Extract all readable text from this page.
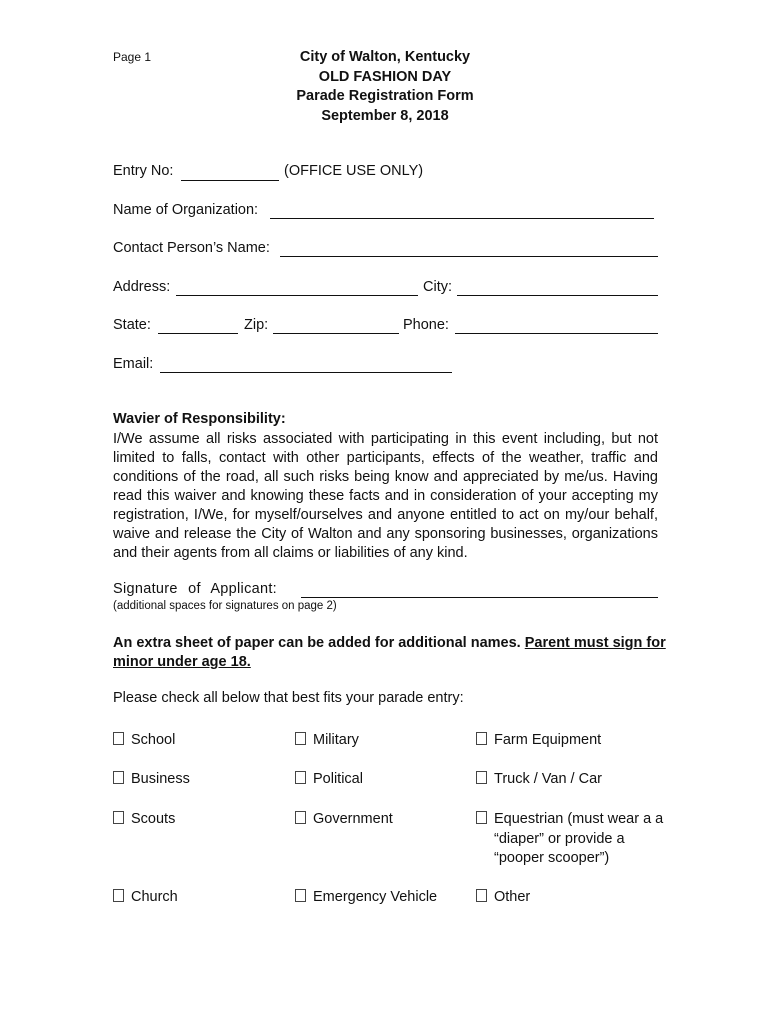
Page 1	City of Walton, Kentucky
OLD FASHION DAY
Parade Registration Form
September 8, 2018
Entry No:	(OFFICE USE ONLY)
Name of Organization:
Contact Person’s Name:
Address:	City:
State:	Zip:	Phone:
Email:
Wavier of Responsibility:
I/We assume all risks associated with participating in this event including, but not limited to falls, contact with other participants, effects of the weather, traffic and conditions of the road, all such risks being know and appreciated by me/us. Having read this waiver and knowing these facts and in consideration of your accepting my registration, I/We, for myself/ourselves and anyone entitled to act on my/our behalf, waive and release the City of Walton and any sponsoring businesses, organizations and their agents from all claims or liabilities of any kind.
Signature of Applicant:
(additional spaces for signatures on page 2)
An extra sheet of paper can be added for additional names. Parent must sign for minor under age 18.
Please check all below that best fits your parade entry:
School	Military	Farm Equipment
Business	Political	Truck / Van / Car
Scouts	Government	Equestrian (must wear a a “diaper” or provide a “pooper scooper”)
Church	Emergency Vehicle	Other
